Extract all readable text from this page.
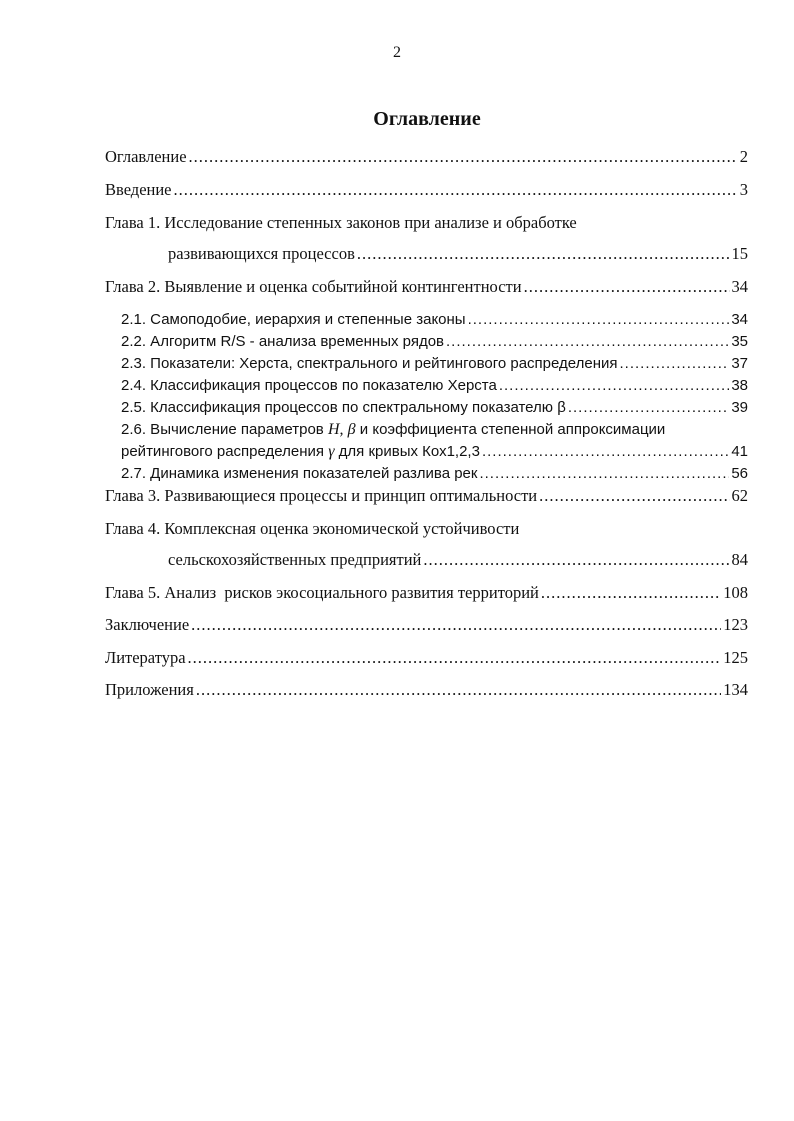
2
Оглавление
Оглавление .....	2
Введение .....	3
Глава 1. Исследование степенных законов при анализе и обработке
развивающихся процессов .....	15
Глава 2. Выявление и оценка событийной контингентности .....	34
2.1. Самоподобие, иерархия и степенные законы .....	34
2.2. Алгоритм R/S - анализа временных рядов .....	35
2.3. Показатели: Херста, спектрального и рейтингового распределения .....	37
2.4. Классификация процессов по показателю Херста .....	38
2.5. Классификация процессов по спектральному показателю β .....	39
2.6. Вычисление параметров H, β и коэффициента степенной аппроксимации
рейтингового распределения γ для кривых Кох1,2,3 .....	41
2.7. Динамика изменения показателей разлива рек .....	56
Глава 3. Развивающиеся процессы и принцип оптимальности .....	62
Глава 4. Комплексная оценка экономической устойчивости
сельскохозяйственных предприятий .....	84
Глава 5. Анализ  рисков экосоциального развития территорий .....	108
Заключение .....	123
Литература .....	125
Приложения .....	134
